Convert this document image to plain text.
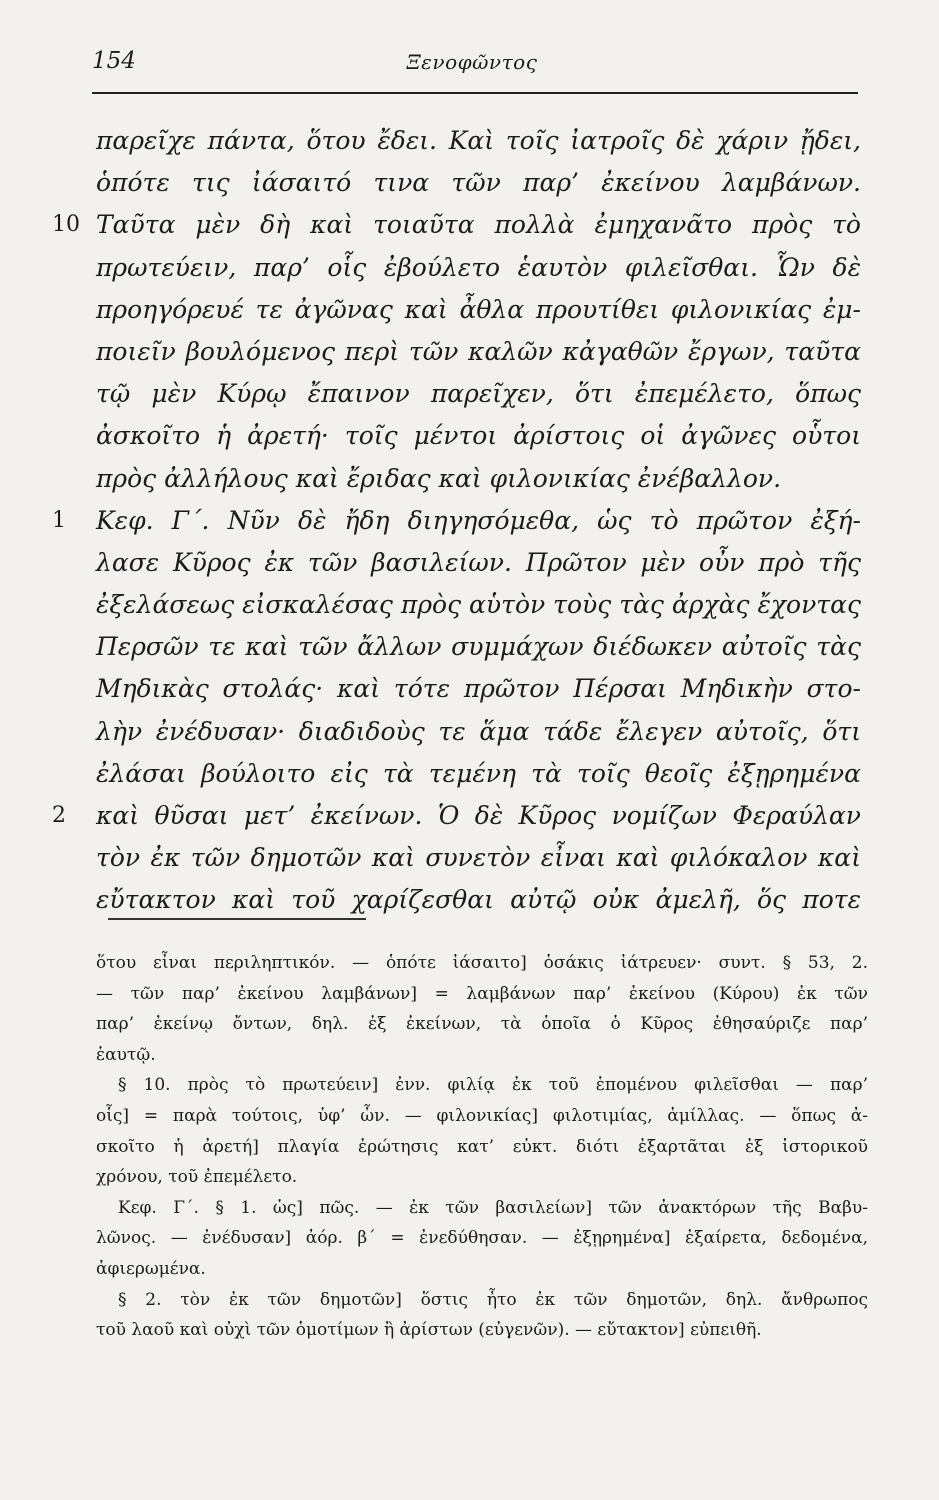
154	Ξενοφῶντος
παρεῖχε πάντα, ὅτου ἔδει. Καὶ τοῖς ἰατροῖς δὲ χάριν ᾔδει,
ὁπότε τις ἰάσαιτό τινα τῶν παρ’ ἐκείνου λαμβάνων.
10 Ταῦτα μὲν δὴ καὶ τοιαῦτα πολλὰ ἐμηχανᾶτο πρὸς τὸ
πρωτεύειν, παρ’ οἷς ἐβούλετο ἑαυτὸν φιλεῖσθαι. Ὧν δὲ
προηγόρευέ τε ἀγῶνας καὶ ἆθλα προυτίθει φιλονικίας ἐμ-
ποιεῖν βουλόμενος περὶ τῶν καλῶν κἀγαθῶν ἔργων, ταῦτα
τῷ μὲν Κύρῳ ἔπαινον παρεῖχεν, ὅτι ἐπεμέλετο, ὅπως
ἀσκοῖτο ἡ ἀρετή· τοῖς μέντοι ἀρίστοις οἱ ἀγῶνες οὗτοι
πρὸς ἀλλήλους καὶ ἔριδας καὶ φιλονικίας ἐνέβαλλον.
1 Κεφ. Γ΄. Νῦν δὲ ἤδη διηγησόμεθα, ὡς τὸ πρῶτον ἐξή-
λασε Κῦρος ἐκ τῶν βασιλείων. Πρῶτον μὲν οὖν πρὸ τῆς
ἐξελάσεως εἰσκαλέσας πρὸς αὑτὸν τοὺς τὰς ἀρχὰς ἔχοντας
Περσῶν τε καὶ τῶν ἄλλων συμμάχων διέδωκεν αὐτοῖς τὰς
Μηδικὰς στολάς· καὶ τότε πρῶτον Πέρσαι Μηδικὴν στο-
λὴν ἐνέδυσαν· διαδιδοὺς τε ἅμα τάδε ἔλεγεν αὐτοῖς, ὅτι
ἐλάσαι βούλοιτο εἰς τὰ τεμένη τὰ τοῖς θεοῖς ἐξῃρημένα
2 καὶ θῦσαι μετ’ ἐκείνων. Ὁ δὲ Κῦρος νομίζων Φεραύλαν
τὸν ἐκ τῶν δημοτῶν καὶ συνετὸν εἶναι καὶ φιλόκαλον καὶ
εὔτακτον καὶ τοῦ χαρίζεσθαι αὐτῷ οὐκ ἀμελῆ, ὅς ποτε
ὅτου εἶναι περιληπτικόν. — ὁπότε ἰάσαιτο] ὁσάκις ἰάτρευεν· συντ. § 53, 2.
— τῶν παρ’ ἐκείνου λαμβάνων] = λαμβάνων παρ’ ἐκείνου (Κύρου) ἐκ τῶν
παρ’ ἐκείνῳ ὄντων, δηλ. ἐξ ἐκείνων, τὰ ὁποῖα ὁ Κῦρος ἐθησαύριζε παρ’
ἑαυτῷ.
§ 10. πρὸς τὸ πρωτεύειν] ἐνν. φιλίᾳ ἐκ τοῦ ἑπομένου φιλεῖσθαι — παρ’
οἷς] = παρὰ τούτοις, ὑφ’ ὧν. — φιλονικίας] φιλοτιμίας, ἁμίλλας. — ὅπως ἀ-
σκοῖτο ἡ ἀρετή] πλαγία ἐρώτησις κατ’ εὐκτ. διότι ἐξαρτᾶται ἐξ ἱστορικοῦ
χρόνου, τοῦ ἐπεμέλετο.
Κεφ. Γ΄. § 1. ὡς] πῶς. — ἐκ τῶν βασιλείων] τῶν ἀνακτόρων τῆς Βαβυ-
λῶνος. — ἐνέδυσαν] ἀόρ. β΄ = ἐνεδύθησαν. — ἐξῃρημένα] ἐξαίρετα, δεδομένα,
ἀφιερωμένα.
§ 2. τὸν ἐκ τῶν δημοτῶν] ὅστις ἦτο ἐκ τῶν δημοτῶν, δηλ. ἄνθρωπος
τοῦ λαοῦ καὶ οὐχὶ τῶν ὁμοτίμων ἢ ἀρίστων (εὐγενῶν). — εὔτακτον] εὐπειθῆ.
